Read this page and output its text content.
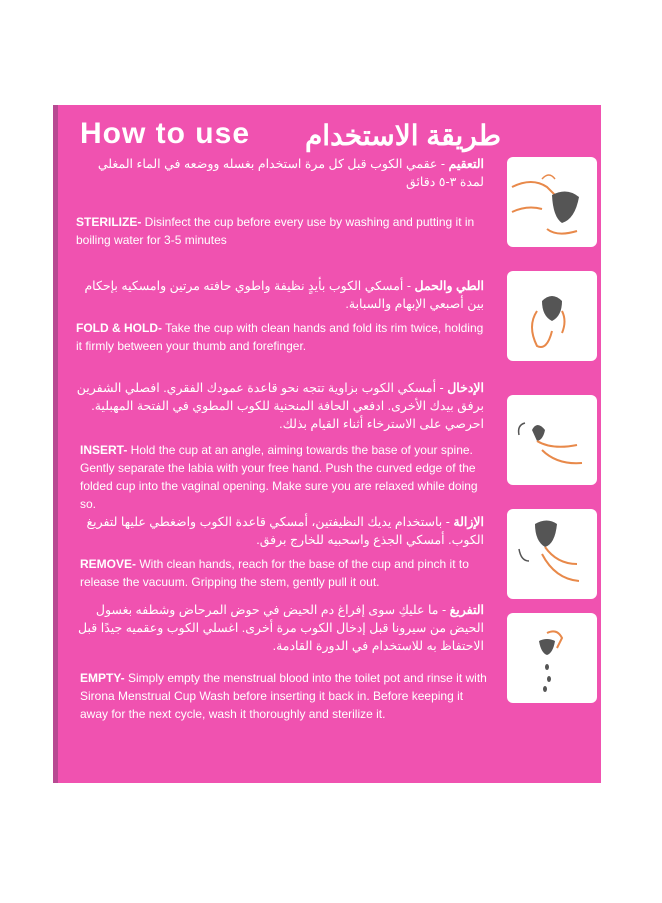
How to use طريقة الاستخدام
التعقيم - عقمي الكوب قبل كل مرة استخدام بغسله ووضعه في الماء المغلي لمدة ٣-٥ دقائق
STERILIZE- Disinfect the cup before every use by washing and putting it in boiling water for 3-5 minutes
الطي والحمل - أمسكي الكوب بأيدٍ نظيفة واطوي حافته مرتين وامسكيه بإحكام بين أصبعي الإبهام والسبابة.
FOLD & HOLD- Take the cup with clean hands and fold its rim twice, holding it firmly between your thumb and forefinger.
الإدخال - أمسكي الكوب بزاوية تتجه نحو قاعدة عمودك الفقري. افصلي الشفرين برفق بيدك الأخرى. ادفعي الحافة المنحنية للكوب المطوي في الفتحة المهبلية. احرصي على الاسترخاء أثناء القيام بذلك.
INSERT- Hold the cup at an angle, aiming towards the base of your spine. Gently separate the labia with your free hand. Push the curved edge of the folded cup into the vaginal opening. Make sure you are relaxed while doing so.
الإزالة - باستخدام يديك النظيفتين، أمسكي قاعدة الكوب واضغطي عليها لتفريغ الكوب. أمسكي الجذع واسحبيه للخارج برفق.
REMOVE- With clean hands, reach for the base of the cup and pinch it to release the vacuum. Gripping the stem, gently pull it out.
التفريغ - ما عليكِ سوى إفراغ دم الحيض في حوض المرحاض وشطفه بغسول الحيض من سيرونا قبل إدخال الكوب مرة أخرى. اغسلي الكوب وعقميه جيدًا قبل الاحتفاظ به للاستخدام في الدورة القادمة.
EMPTY- Simply empty the menstrual blood into the toilet pot and rinse it with Sirona Menstrual Cup Wash before inserting it back in. Before keeping it away for the next cycle, wash it thoroughly and sterilize it.
